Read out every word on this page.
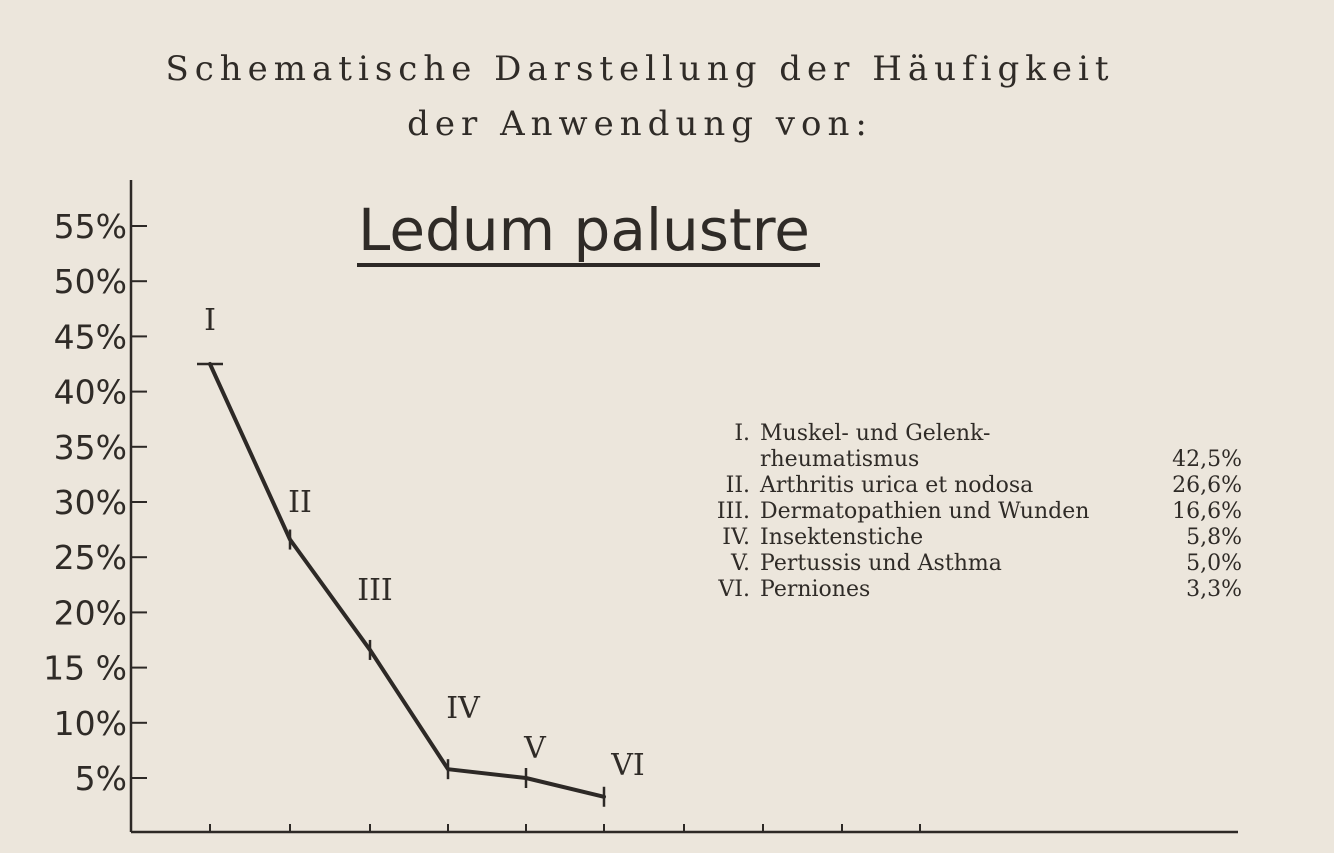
Schematische Darstellung der Häufigkeit
der Anwendung von:
Ledum palustre
55%
50%
45%
40%
35%
30%
25%
20%
15 %
10%
5%
I
II
III
IV
V VI
I. Muskel- und Gelenk-
rheumatismus	42,5%
II. Arthritis urica et nodosa	26,6%
III. Dermatopathien und Wunden	16,6%
IV. Insektenstiche	5,8%
V. Pertussis und Asthma	5,0%
VI. Perniones	3,3%
